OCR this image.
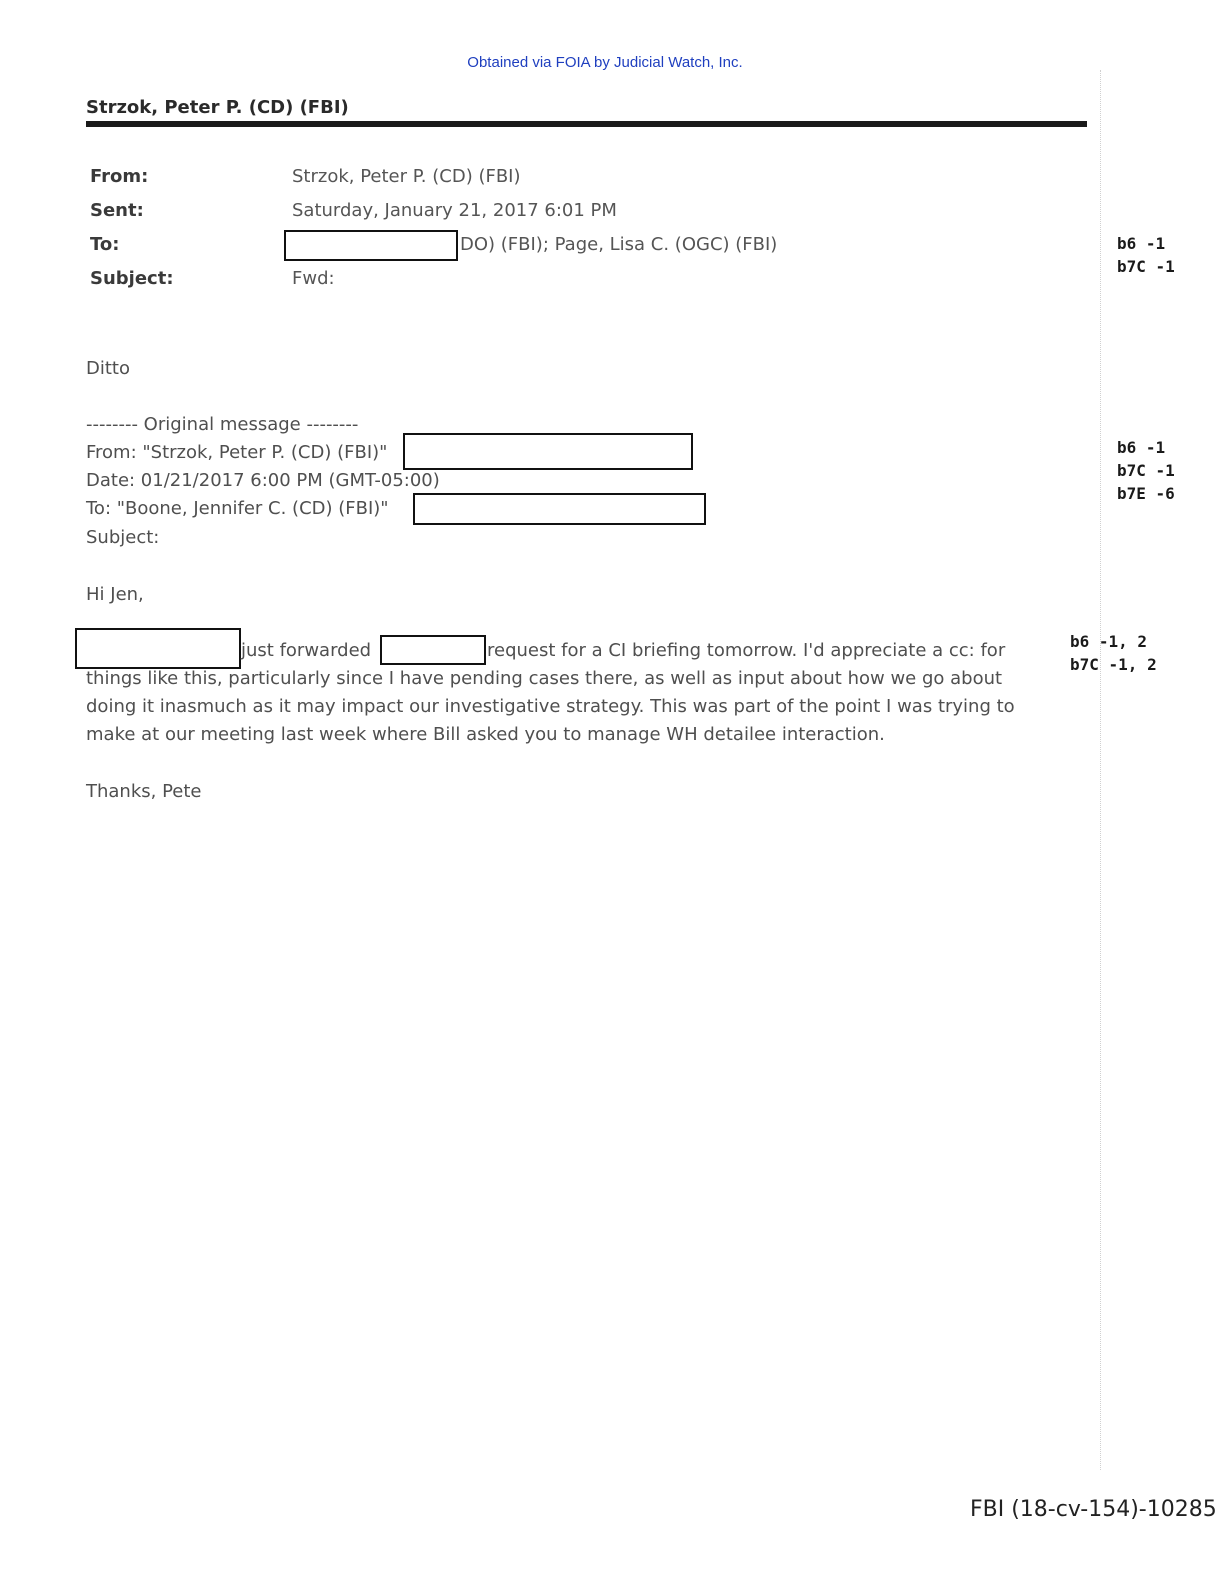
Obtained via FOIA by Judicial Watch, Inc.
Strzok, Peter P. (CD) (FBI)
From:	Strzok, Peter P. (CD) (FBI)
Sent:	Saturday, January 21, 2017 6:01 PM
To:	DO) (FBI); Page, Lisa C. (OGC) (FBI)
Subject:	Fwd:
b6 -1
b7C -1
Ditto
-------- Original message --------
From: "Strzok, Peter P. (CD) (FBI)"
Date: 01/21/2017 6:00 PM (GMT-05:00)
To: "Boone, Jennifer C. (CD) (FBI)"
Subject:
b6 -1
b7C -1
b7E -6
Hi Jen,
just forwarded	request for a CI briefing tomorrow. I'd appreciate a cc: for
things like this, particularly since I have pending cases there, as well as input about how we go about
doing it inasmuch as it may impact our investigative strategy. This was part of the point I was trying to
make at our meeting last week where Bill asked you to manage WH detailee interaction.
b6 -1, 2
b7C -1, 2
Thanks, Pete
FBI (18-cv-154)-10285
